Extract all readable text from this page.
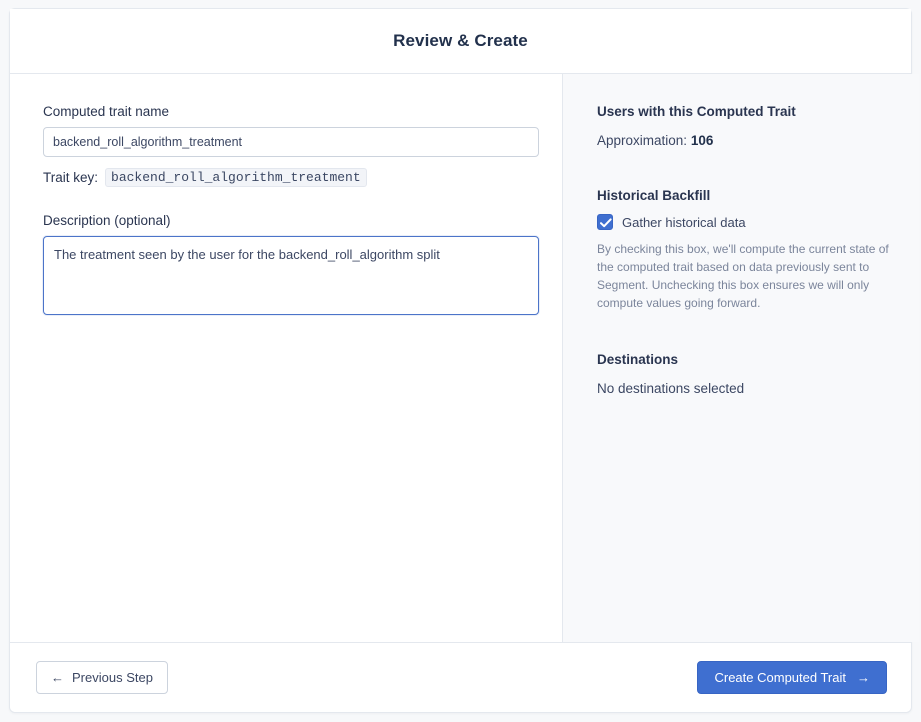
Review & Create
Computed trait name
backend_roll_algorithm_treatment
Trait key:	backend_roll_algorithm_treatment
Description (optional)
The treatment seen by the user for the backend_roll_algorithm split
Users with this Computed Trait
Approximation: 106
Historical Backfill
Gather historical data
By checking this box, we'll compute the current state of the computed trait based on data previously sent to Segment. Unchecking this box ensures we will only compute values going forward.
Destinations
No destinations selected
← Previous Step	Create Computed Trait →
